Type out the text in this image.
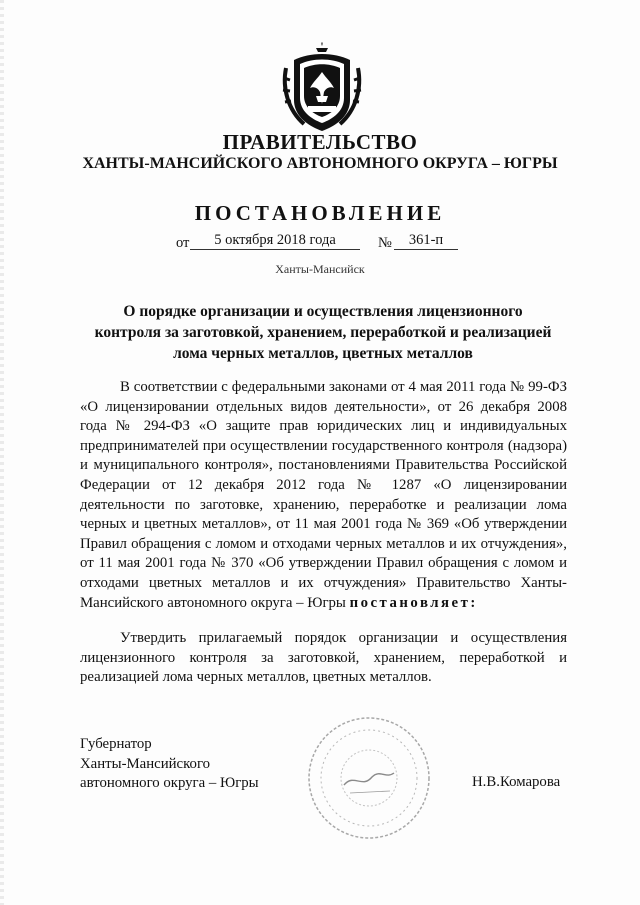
ПРАВИТЕЛЬСТВО
ХАНТЫ-МАНСИЙСКОГО АВТОНОМНОГО ОКРУГА – ЮГРЫ
ПОСТАНОВЛЕНИЕ
от	5 октября 2018 года	№	361-п
Ханты-Мансийск
О порядке организации и осуществления лицензионного контроля за заготовкой, хранением, переработкой и реализацией лома черных металлов, цветных металлов
В соответствии с федеральными законами от 4 мая 2011 года № 99-ФЗ «О лицензировании отдельных видов деятельности», от 26 декабря 2008 года № 294-ФЗ «О защите прав юридических лиц и индивидуальных предпринимателей при осуществлении государственного контроля (надзора) и муниципального контроля», постановлениями Правительства Российской Федерации от 12 декабря 2012 года № 1287 «О лицензировании деятельности по заготовке, хранению, переработке и реализации лома черных и цветных металлов», от 11 мая 2001 года № 369 «Об утверждении Правил обращения с ломом и отходами черных металлов и их отчуждения», от 11 мая 2001 года № 370 «Об утверждении Правил обращения с ломом и отходами цветных металлов и их отчуждения» Правительство Ханты-Мансийского автономного округа – Югры постановляет:
Утвердить прилагаемый порядок организации и осуществления лицензионного контроля за заготовкой, хранением, переработкой и реализацией лома черных металлов, цветных металлов.
Губернатор
Ханты-Мансийского
автономного округа – Югры	Н.В.Комарова
